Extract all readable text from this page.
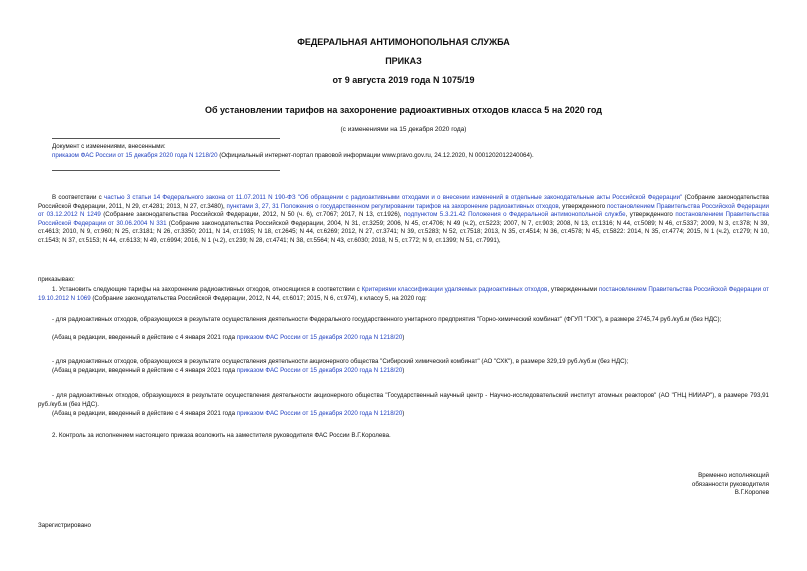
ФЕДЕРАЛЬНАЯ АНТИМОНОПОЛЬНАЯ СЛУЖБА
ПРИКАЗ
от 9 августа 2019 года N 1075/19
Об установлении тарифов на захоронение радиоактивных отходов класса 5 на 2020 год
(с изменениями на 15 декабря 2020 года)
Документ с изменениями, внесенными:
приказом ФАС России от 15 декабря 2020 года N 1218/20 (Официальный интернет-портал правовой информации www.pravo.gov.ru, 24.12.2020, N 0001202012240064).
В соответствии с частью 3 статьи 14 Федерального закона от 11.07.2011 N 190-ФЗ "Об обращении с радиоактивными отходами и о внесении изменений в отдельные законодательные акты Российской Федерации" (Собрание законодательства Российской Федерации, 2011, N 29, ст.4281; 2013, N 27, ст.3480), пунктами 3, 27, 31 Положения о государственном регулировании тарифов на захоронение радиоактивных отходов, утвержденного постановлением Правительства Российской Федерации от 03.12.2012 N 1249 (Собрание законодательства Российской Федерации, 2012, N 50 (ч. 6), ст.7067; 2017, N 13, ст.1926), подпунктом 5.3.21.42 Положения о Федеральной антимонопольной службе, утвержденного постановлением Правительства Российской Федерации от 30.06.2004 N 331 (Собрание законодательства Российской Федерации, 2004, N 31, ст.3259; 2006, N 45, ст.4706; N 49 (ч.2), ст.5223; 2007, N 7, ст.903; 2008, N 13, ст.1316; N 44, ст.5089; N 46, ст.5337; 2009, N 3, ст.378; N 39, ст.4613; 2010, N 9, ст.960; N 25, ст.3181; N 26, ст.3350; 2011, N 14, ст.1935; N 18, ст.2645; N 44, ст.6269; 2012, N 27, ст.3741; N 39, ст.5283; N 52, ст.7518; 2013, N 35, ст.4514; N 36, ст.4578; N 45, ст.5822: 2014, N 35, ст.4774; 2015, N 1 (ч.2), ст.279; N 10, ст.1543; N 37, ст.5153; N 44, ст.6133; N 49, ст.6994; 2016, N 1 (ч.2), ст.239; N 28, ст.4741; N 38, ст.5564; N 43, ст.6030; 2018, N 5, ст.772; N 9, ст.1399; N 51, ст.7991),
приказываю:
1. Установить следующие тарифы на захоронение радиоактивных отходов, относящихся в соответствии с Критериями классификации удаляемых радиоактивных отходов, утвержденными постановлением Правительства Российской Федерации от 19.10.2012 N 1069 (Собрание законодательства Российской Федерации, 2012, N 44, ст.6017; 2015, N 6, ст.974), к классу 5, на 2020 год:
- для радиоактивных отходов, образующихся в результате осуществления деятельности Федерального государственного унитарного предприятия "Горно-химический комбинат" (ФГУП "ГХК"), в размере 2745,74 руб./куб.м (без НДС);
(Абзац в редакции, введенный в действие с 4 января 2021 года приказом ФАС России от 15 декабря 2020 года N 1218/20)
- для радиоактивных отходов, образующихся в результате осуществления деятельности акционерного общества "Сибирский химический комбинат" (АО "СХК"), в размере 329,19 руб./куб.м (без НДС);
(Абзац в редакции, введенный в действие с 4 января 2021 года приказом ФАС России от 15 декабря 2020 года N 1218/20)
- для радиоактивных отходов, образующихся в результате осуществления деятельности акционерного общества "Государственный научный центр - Научно-исследовательский институт атомных реакторов" (АО "ГНЦ НИИАР"), в размере 793,91 руб./куб.м (без НДС).
(Абзац в редакции, введенный в действие с 4 января 2021 года приказом ФАС России от 15 декабря 2020 года N 1218/20)
2. Контроль за исполнением настоящего приказа возложить на заместителя руководителя ФАС России В.Г.Королева.
Временно исполняющий
обязанности руководителя
В.Г.Королев
Зарегистрировано
